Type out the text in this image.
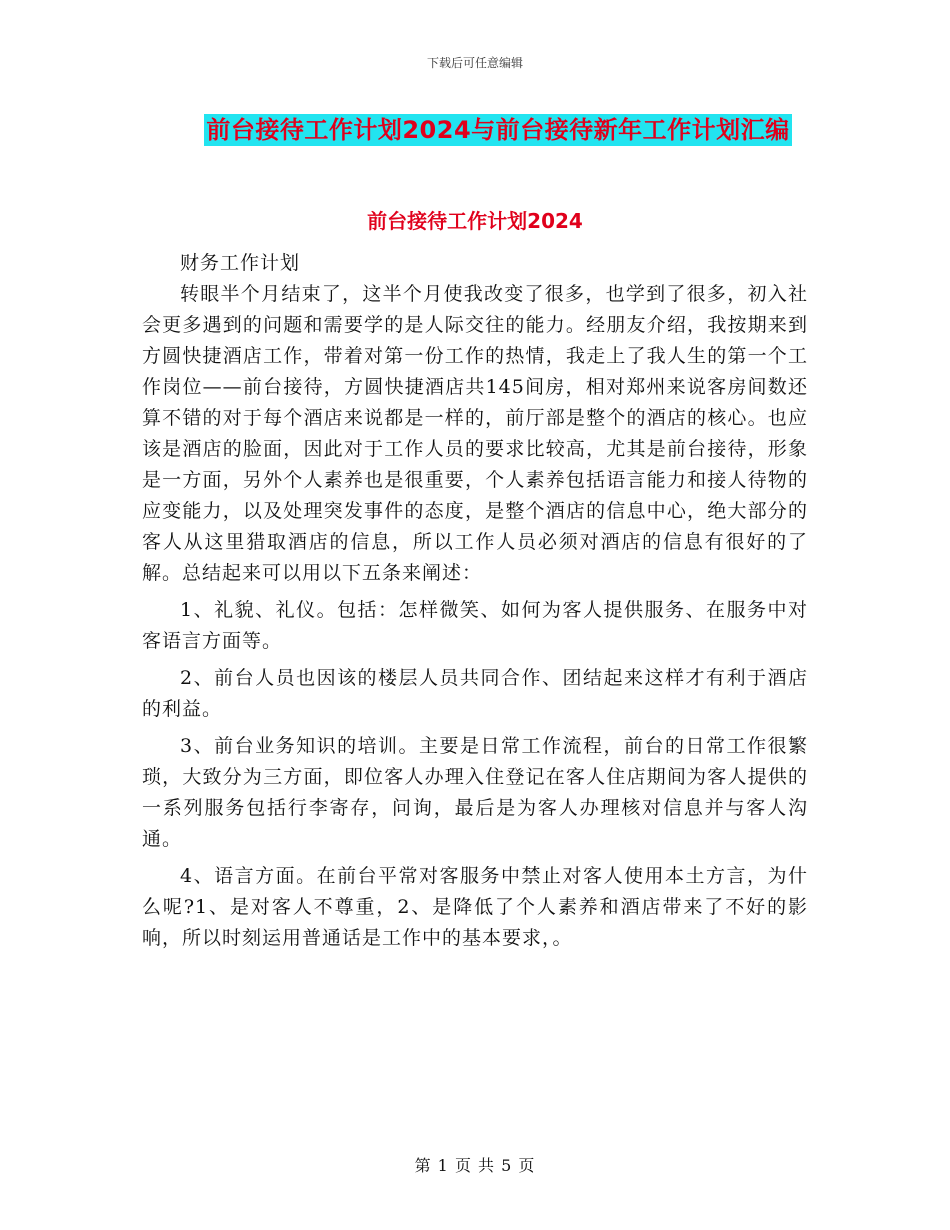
下载后可任意编辑
前台接待工作计划2024与前台接待新年工作计划汇编
前台接待工作计划2024

财务工作计划

转眼半个月结束了，这半个月使我改变了很多，也学到了很多，初入社会更多遇到的问题和需要学的是人际交往的能力。经朋友介绍，我按期来到方圆快捷酒店工作，带着对第一份工作的热情，我走上了我人生的第一个工作岗位——前台接待，方圆快捷酒店共145间房，相对郑州来说客房间数还算不错的对于每个酒店来说都是一样的，前厅部是整个的酒店的核心。也应该是酒店的脸面，因此对于工作人员的要求比较高，尤其是前台接待，形象是一方面，另外个人素养也是很重要，个人素养包括语言能力和接人待物的应变能力，以及处理突发事件的态度，是整个酒店的信息中心，绝大部分的客人从这里猎取酒店的信息，所以工作人员必须对酒店的信息有很好的了解。总结起来可以用以下五条来阐述：

1、礼貌、礼仪。包括：怎样微笑、如何为客人提供服务、在服务中对客语言方面等。

2、前台人员也因该的楼层人员共同合作、团结起来这样才有利于酒店的利益。

3、前台业务知识的培训。主要是日常工作流程，前台的日常工作很繁琐，大致分为三方面，即位客人办理入住登记在客人住店期间为客人提供的一系列服务包括行李寄存，问询，最后是为客人办理核对信息并与客人沟通。

4、语言方面。在前台平常对客服务中禁止对客人使用本土方言，为什么呢?1、是对客人不尊重，2、是降低了个人素养和酒店带来了不好的影响，所以时刻运用普通话是工作中的基本要求，。

第 1 页 共 5 页
